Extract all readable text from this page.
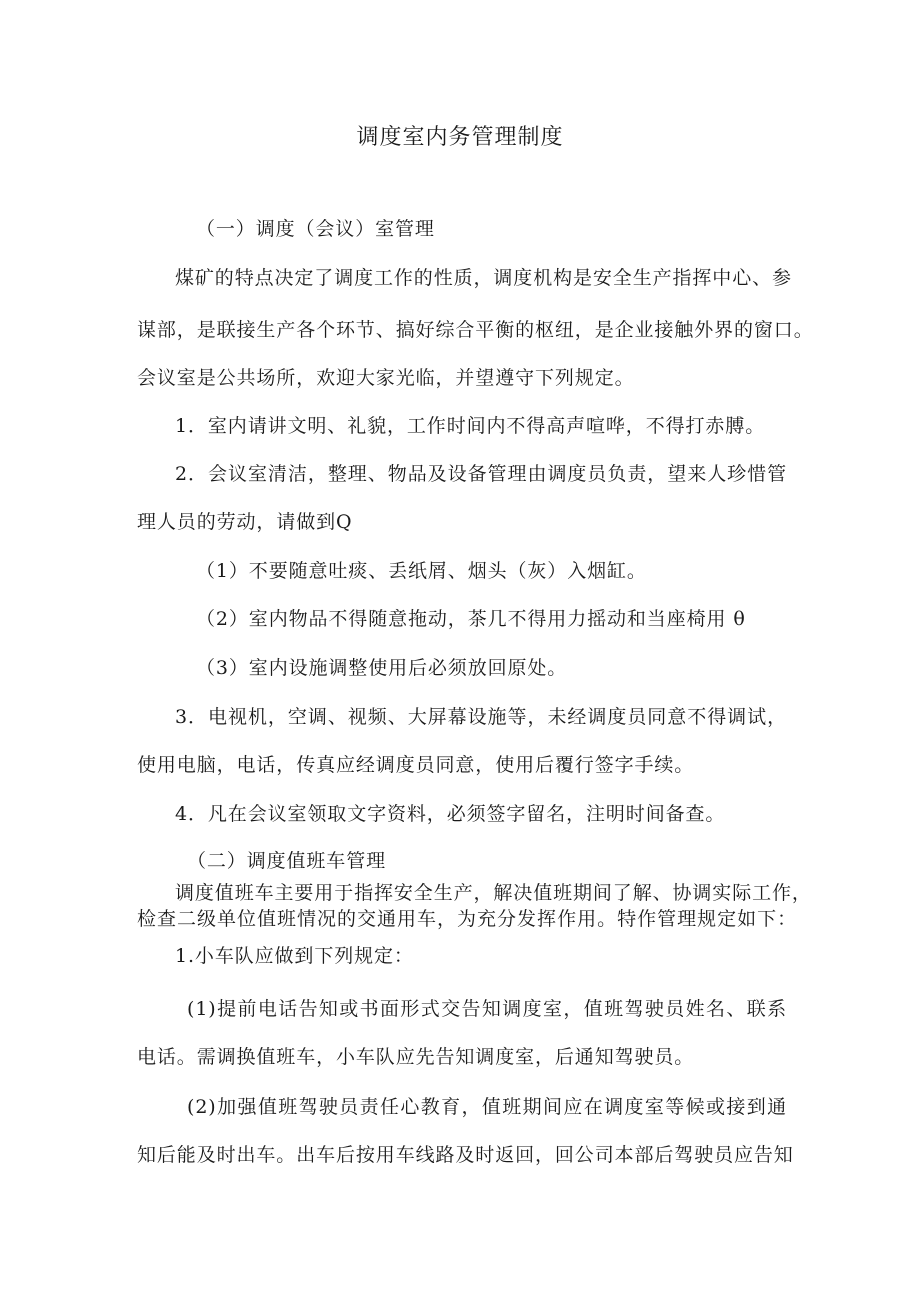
调度室内务管理制度
（一）调度（会议）室管理
煤矿的特点决定了调度工作的性质，调度机构是安全生产指挥中心、参
谋部，是联接生产各个环节、搞好综合平衡的枢纽，是企业接触外界的窗口。
会议室是公共场所，欢迎大家光临，并望遵守下列规定。
1．室内请讲文明、礼貌，工作时间内不得高声喧哗，不得打赤膊。
2．会议室清洁，整理、物品及设备管理由调度员负责，望来人珍惜管
理人员的劳动，请做到Q
（1）不要随意吐痰、丢纸屑、烟头（灰）入烟缸。
（2）室内物品不得随意拖动，茶几不得用力摇动和当座椅用 θ
（3）室内设施调整使用后必须放回原处。
3．电视机，空调、视频、大屏幕设施等，未经调度员同意不得调试，
使用电脑，电话，传真应经调度员同意，使用后覆行签字手续。
4．凡在会议室领取文字资料，必须签字留名，注明时间备查。
（二）调度值班车管理
调度值班车主要用于指挥安全生产，解决值班期间了解、协调实际工作，
检查二级单位值班情况的交通用车，为充分发挥作用。特作管理规定如下：
1.小车队应做到下列规定：
(1)提前电话告知或书面形式交告知调度室，值班驾驶员姓名、联系
电话。需调换值班车，小车队应先告知调度室，后通知驾驶员。
(2)加强值班驾驶员责任心教育，值班期间应在调度室等候或接到通
知后能及时出车。出车后按用车线路及时返回，回公司本部后驾驶员应告知
